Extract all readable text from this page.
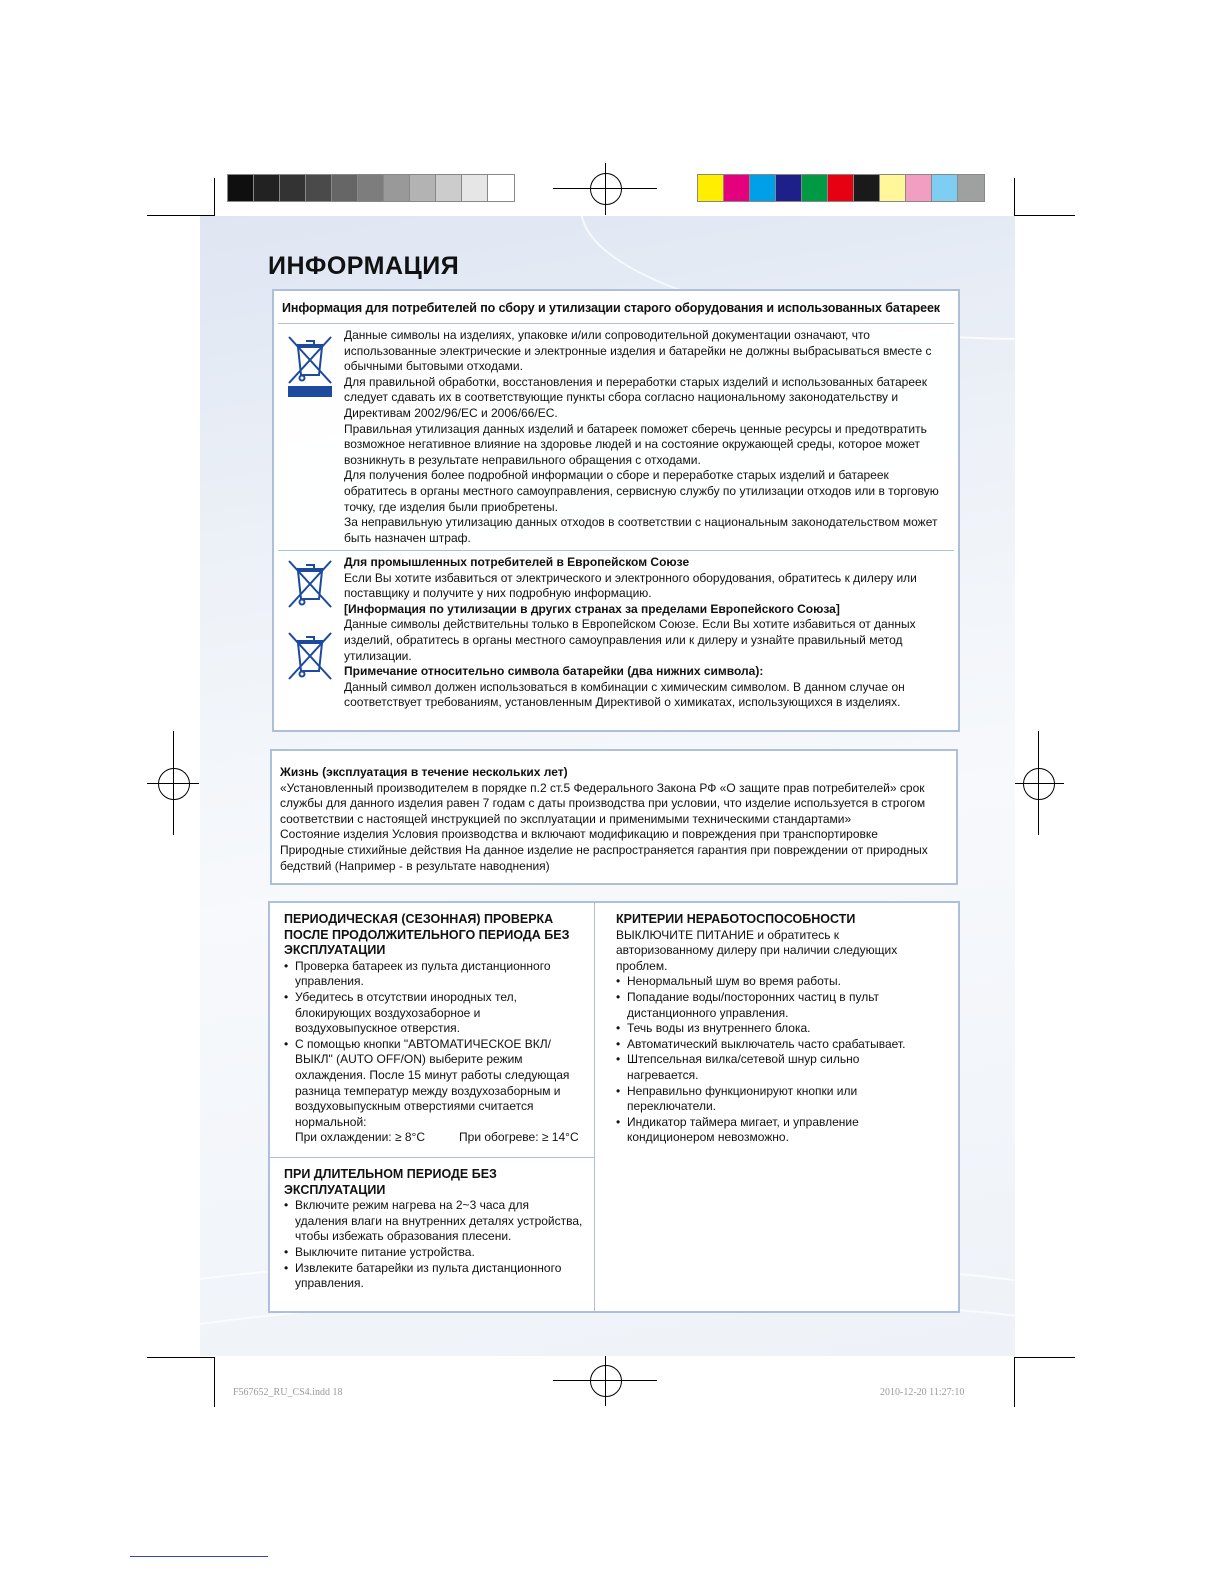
ИНФОРМАЦИЯ
Информация для потребителей по сбору и утилизации старого оборудования и использованных батареек

Данные символы на изделиях, упаковке и/или сопроводительной документации означают, что использованные электрические и электронные изделия и батарейки не должны выбрасываться вместе с обычными бытовыми отходами.

Для правильной обработки, восстановления и переработки старых изделий и использованных батареек следует сдавать их в соответствующие пункты сбора согласно национальному законодательству и Директивам 2002/96/EC и 2006/66/EC.

Правильная утилизация данных изделий и батареек поможет сберечь ценные ресурсы и предотвратить возможное негативное влияние на здоровье людей и на состояние окружающей среды, которое может возникнуть в результате неправильного обращения с отходами.

Для получения более подробной информации о сборе и переработке старых изделий и батареек обратитесь в органы местного самоуправления, сервисную службу по утилизации отходов или в торговую точку, где изделия были приобретены.

За неправильную утилизацию данных отходов в соответствии с национальным законодательством может быть назначен штраф.

Для промышленных потребителей в Европейском Союзе

Если Вы хотите избавиться от электрического и электронного оборудования, обратитесь к дилеру или поставщику и получите у них подробную информацию.

[Информация по утилизации в других странах за пределами Европейского Союза]

Данные символы действительны только в Европейском Союзе. Если Вы хотите избавиться от данных изделий, обратитесь в органы местного самоуправления или к дилеру и узнайте правильный метод утилизации.

Примечание относительно символа батарейки (два нижних символа):

Данный символ должен использоваться в комбинации с химическим символом. В данном случае он соответствует требованиям, установленным Директивой о химикатах, использующихся в изделиях.

Жизнь (эксплуатация в течение нескольких лет)

«Установленный производителем в порядке п.2 ст.5 Федерального Закона РФ «О защите прав потребителей» срок службы для данного изделия равен 7 годам с даты производства при условии, что изделие используется в строгом соответствии с настоящей инструкцией по эксплуатации и применимыми техническими стандартами»

Состояние изделия Условия производства и включают модификацию и повреждения при транспортировке

Природные стихийные действия На данное изделие не распространяется гарантия при повреждении от природных бедствий (Например - в результате наводнения)

ПЕРИОДИЧЕСКАЯ (СЕЗОННАЯ) ПРОВЕРКА ПОСЛЕ ПРОДОЛЖИТЕЛЬНОГО ПЕРИОДА БЕЗ ЭКСПЛУАТАЦИИ
• Проверка батареек из пульта дистанционного управления.
• Убедитесь в отсутствии инородных тел, блокирующих воздухозаборное и воздуховыпускное отверстия.
• С помощью кнопки "АВТОМАТИЧЕСКОЕ ВКЛ/ВЫКЛ" (AUTO OFF/ON) выберите режим охлаждения. После 15 минут работы следующая разница температур между воздухозаборным и воздуховыпускным отверстиями считается нормальной:
При охлаждении: ≥ 8°C	При обогреве: ≥ 14°C
ПРИ ДЛИТЕЛЬНОМ ПЕРИОДЕ БЕЗ ЭКСПЛУАТАЦИИ
• Включите режим нагрева на 2~3 часа для удаления влаги на внутренних деталях устройства, чтобы избежать образования плесени.
• Выключите питание устройства.
• Извлеките батарейки из пульта дистанционного управления.
КРИТЕРИИ НЕРАБОТОСПОСОБНОСТИ

ВЫКЛЮЧИТЕ ПИТАНИЕ и обратитесь к авторизованному дилеру при наличии следующих проблем.

• Ненормальный шум во время работы.
• Попадание воды/посторонних частиц в пульт дистанционного управления.
• Течь воды из внутреннего блока.
• Автоматический выключатель часто срабатывает.
• Штепсельная вилка/сетевой шнур сильно нагревается.
• Неправильно функционируют кнопки или переключатели.
• Индикатор таймера мигает, и управление кондиционером невозможно.
F567652_RU_CS4.indd 18	2010-12-20 11:27:10
